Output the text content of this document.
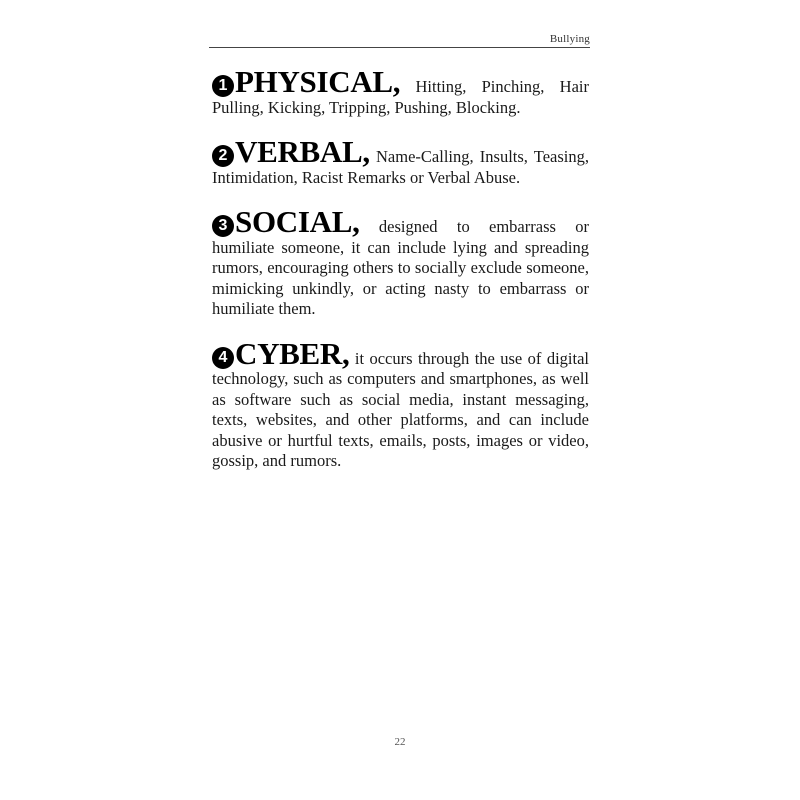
Bullying

1 PHYSICAL, Hitting, Pinching, Hair Pulling, Kicking, Tripping, Pushing, Blocking.

2 VERBAL, Name-Calling, Insults, Teasing, Intimidation, Racist Remarks or Verbal Abuse.

3 SOCIAL, designed to embarrass or humiliate someone, it can include lying and spreading rumors, encouraging others to socially exclude someone, mimicking unkindly, or acting nasty to embarrass or humiliate them.

4 CYBER, it occurs through the use of digital technology, such as computers and smartphones, as well as software such as social media, instant messaging, texts, websites, and other platforms, and can include abusive or hurtful texts, emails, posts, images or video, gossip, and rumors.

22
